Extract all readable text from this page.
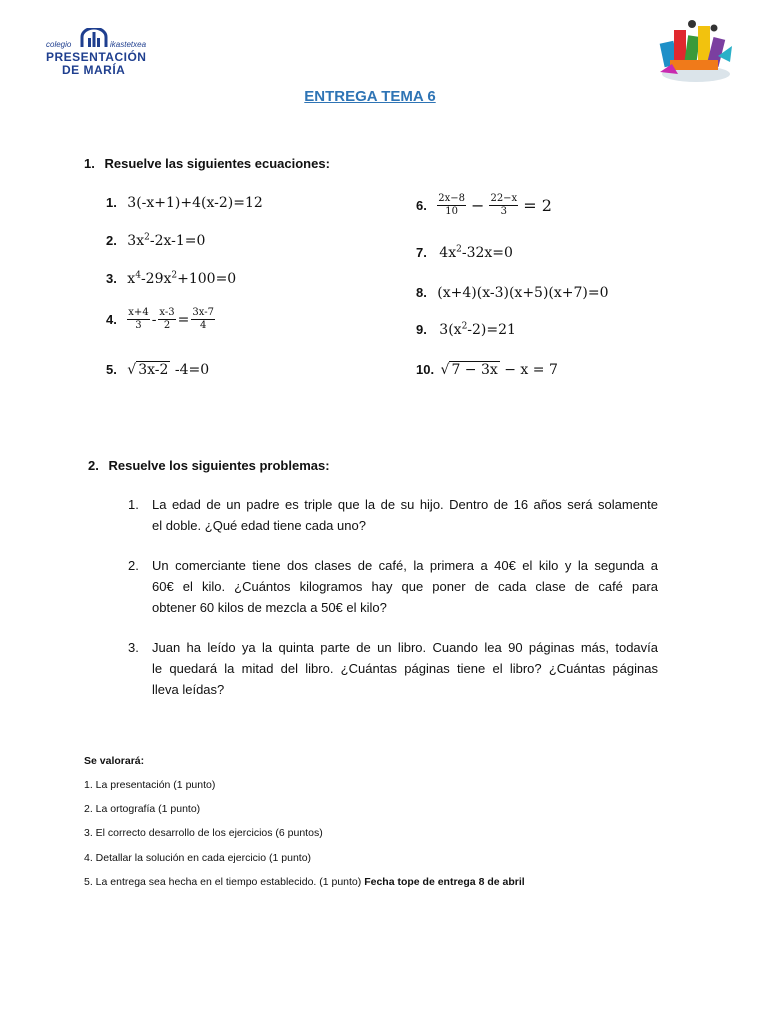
colegio	ikastetxea
PRESENTACIÓN
DE MARÍA
ENTREGA TEMA 6
1. Resuelve las siguientes ecuaciones:
1. 3(-x+1)+4(x-2)=12
2. $3x^2-2x-1=0$
3. $x^4-29x^2+100=0$
4. $\frac{x+4}{3} - \frac{x-3}{2} = \frac{3x-7}{4}$
5. √ 3x-2 -4=0
6. $\frac{2x-8}{10} - \frac{22-x}{3} = 2$
7. $4x^2-32x=0$
8. (x+4)(x-3)(x+5)(x+7)=0
9. $3(x^2-2)=21$
10. √ 7 − 3x − x = 7
2. Resuelve los siguientes problemas:
1. La edad de un padre es triple que la de su hijo. Dentro de 16 años será solamente
el doble. ¿Qué edad tiene cada uno?
2. Un comerciante tiene dos clases de café, la primera a 40€ el kilo y la segunda a
60€ el kilo. ¿Cuántos kilogramos hay que poner de cada clase de café para
obtener 60 kilos de mezcla a 50€ el kilo?
3. Juan ha leído ya la quinta parte de un libro. Cuando lea 90 páginas más, todavía
le quedará la mitad del libro. ¿Cuántas páginas tiene el libro? ¿Cuántas páginas
lleva leídas?
Se valorará:
1. La presentación (1 punto)
2. La ortografía (1 punto)
3. El correcto desarrollo de los ejercicios (6 puntos)
4. Detallar la solución en cada ejercicio (1 punto)
5. La entrega sea hecha en el tiempo establecido. (1 punto) Fecha tope de entrega 8 de abril
